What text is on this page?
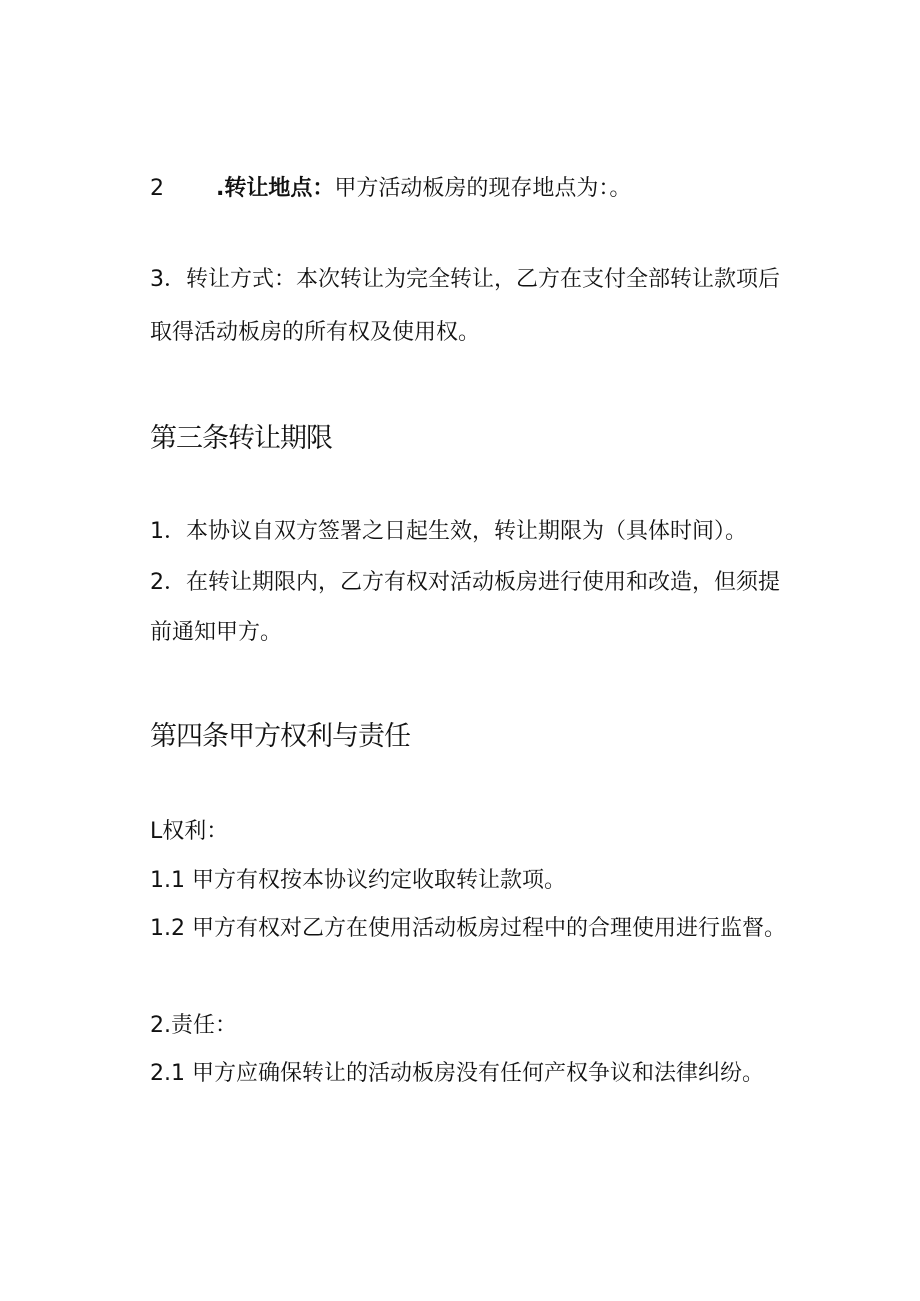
2 .转让地点：甲方活动板房的现存地点为：。
3．转让方式：本次转让为完全转让，乙方在支付全部转让款项后
取得活动板房的所有权及使用权。
第三条转让期限
1．本协议自双方签署之日起生效，转让期限为（具体时间）。
2．在转让期限内，乙方有权对活动板房进行使用和改造，但须提
前通知甲方。
第四条甲方权利与责任
L权利：
1.1 甲方有权按本协议约定收取转让款项。
1.2 甲方有权对乙方在使用活动板房过程中的合理使用进行监督。
2.责任：
2.1 甲方应确保转让的活动板房没有任何产权争议和法律纠纷。
